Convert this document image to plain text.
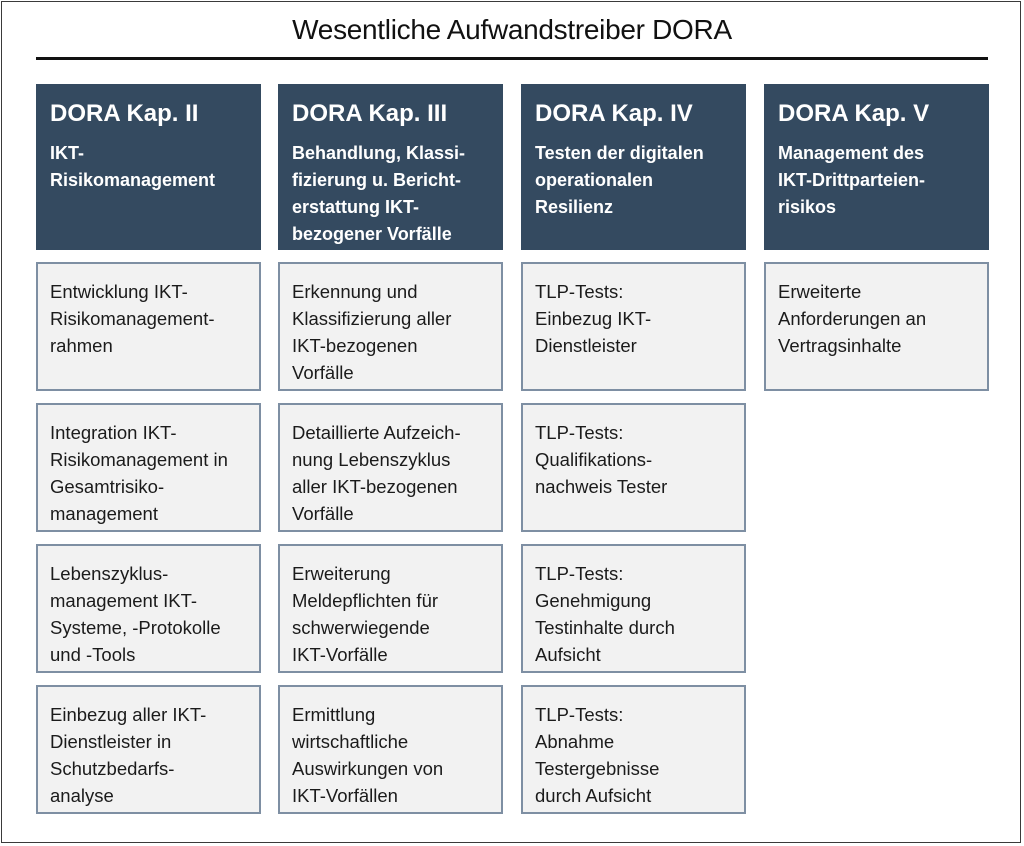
Wesentliche Aufwandstreiber DORA
DORA Kap. II
IKT-
Risikomanagement
Entwicklung IKT-
Risikomanagement-
rahmen
Integration IKT-
Risikomanagement in
Gesamtrisiko-
management
Lebenszyklus-
management IKT-
Systeme, -Protokolle
und -Tools
Einbezug aller IKT-
Dienstleister in
Schutzbedarfs-
analyse
DORA Kap. III
Behandlung, Klassi-
fizierung u. Bericht-
erstattung IKT-
bezogener Vorfälle
Erkennung und
Klassifizierung aller
IKT-bezogenen
Vorfälle
Detaillierte Aufzeich-
nung Lebenszyklus
aller IKT-bezogenen
Vorfälle
Erweiterung
Meldepflichten für
schwerwiegende
IKT-Vorfälle
Ermittlung
wirtschaftliche
Auswirkungen von
IKT-Vorfällen
DORA Kap. IV
Testen der digitalen
operationalen
Resilienz
TLP-Tests:
Einbezug IKT-
Dienstleister
TLP-Tests:
Qualifikations-
nachweis Tester
TLP-Tests:
Genehmigung
Testinhalte durch
Aufsicht
TLP-Tests:
Abnahme
Testergebnisse
durch Aufsicht
DORA Kap. V
Management des
IKT-Drittparteien-
risikos
Erweiterte
Anforderungen an
Vertragsinhalte
